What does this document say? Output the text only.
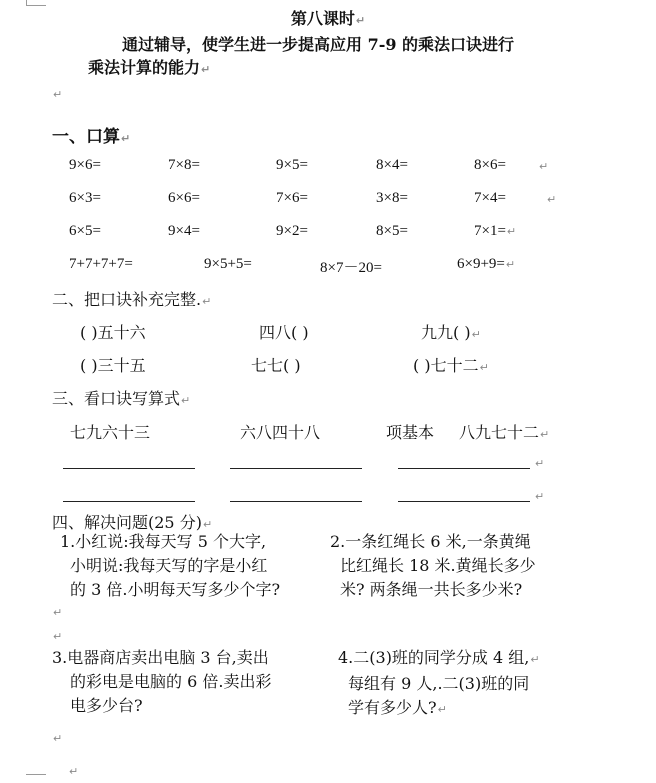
第八课时↵
通过辅导，使学生进一步提高应用 7-9 的乘法口诀进行
乘法计算的能力↵
↵
一、口算↵
9×6=	7×8=	9×5=	8×4=	8×6=	↵
6×3=	6×6=	7×6=	3×8=	7×4=	↵
6×5=	9×4=	9×2=	8×5=	7×1=↵
7+7+7+7=	9×5+5=	8×7－20=	6×9+9=↵
二、把口诀补充完整.↵
( )五十六	四八( )	九九( )↵
( )三十五	七七( )	( )七十二↵
三、看口诀写算式↵
七九六十三	六八四十八	项基本 八九七十二↵
↵
↵
四、解决问题(25 分)↵
1.小红说:我每天写 5 个大字,
小明说:我每天写的字是小红
的 3 倍.小明每天写多少个字?
2.一条红绳长 6 米,一条黄绳
比红绳长 18 米.黄绳长多少
米? 两条绳一共长多少米?
↵
↵
3.电器商店卖出电脑 3 台,卖出
的彩电是电脑的 6 倍.卖出彩
电多少台?
4.二(3)班的同学分成 4 组,↵
每组有 9 人,.二(3)班的同
学有多少人?↵
↵
↵
